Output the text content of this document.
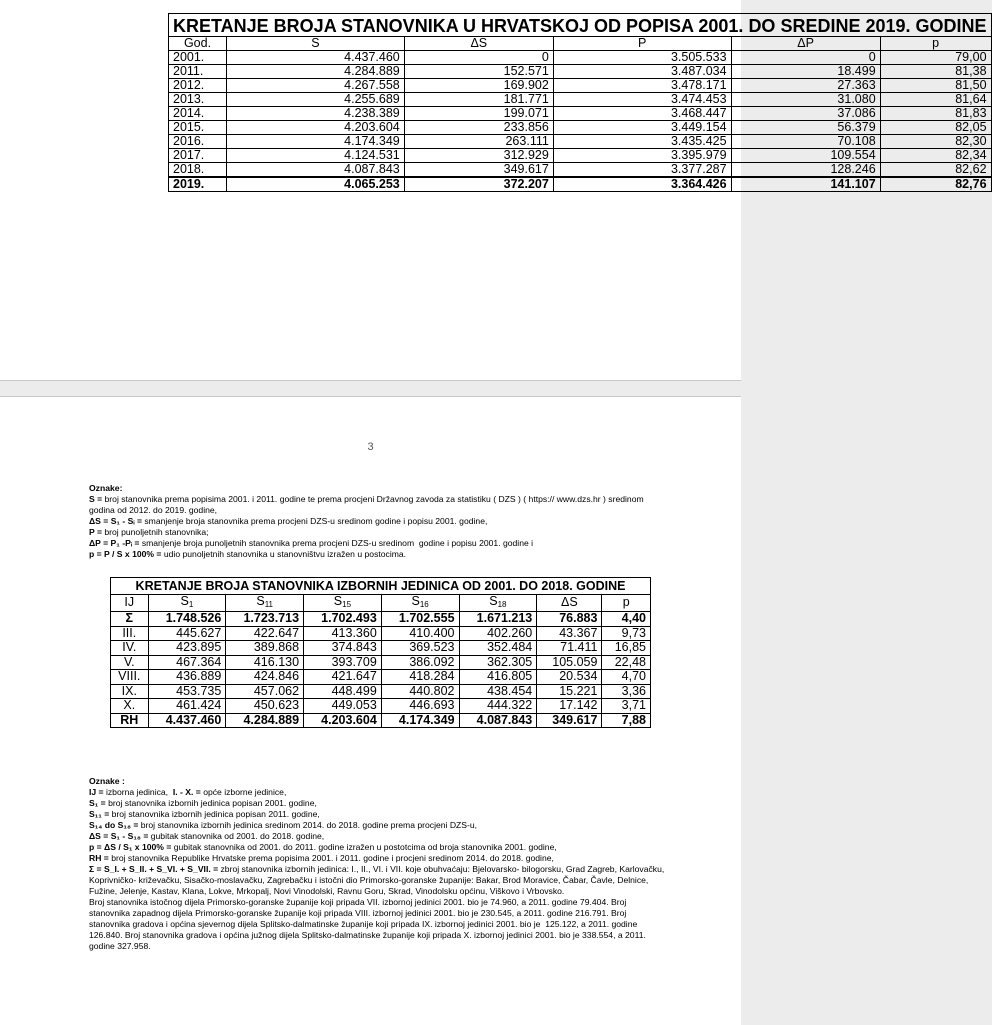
KRETANJE BROJA STANOVNIKA U HRVATSKOJ OD POPISA 2001. DO SREDINE 2019. GODINE					
God.	S	ΔS	P	ΔP	p
2001.	4.437.460	0	3.505.533	0	79,00
2011.	4.284.889	152.571	3.487.034	18.499	81,38
2012.	4.267.558	169.902	3.478.171	27.363	81,50
2013.	4.255.689	181.771	3.474.453	31.080	81,64
2014.	4.238.389	199.071	3.468.447	37.086	81,83
2015.	4.203.604	233.856	3.449.154	56.379	82,05
2016.	4.174.349	263.111	3.435.425	70.108	82,30
2017.	4.124.531	312.929	3.395.979	109.554	82,34
2018.	4.087.843	349.617	3.377.287	128.246	82,62
2019.	4.065.253	372.207	3.364.426	141.107	82,76
3
Oznake:
S = broj stanovnika prema popisima 2001. i 2011. godine te prema procjeni Državnog zavoda za statistiku ( DZS ) ( https:// www.dzs.hr ) sredinom godina od 2012. do 2019. godine,
ΔS = S₁ - Sᵢ = smanjenje broja stanovnika prema procjeni DZS-u sredinom godine i popisu 2001. godine,
P = broj punoljetnih stanovnika;
ΔP = P₁ -Pᵢ = smanjenje broja punoljetnih stanovnika prema procjeni DZS-u sredinom  godine i popisu 2001. godine i
p = P / S x 100% = udio punoljetnih stanovnika u stanovništvu izražen u postocima.
KRETANJE BROJA STANOVNIKA IZBORNIH JEDINICA OD 2001. DO 2018. GODINE							
IJ	$S_1$	$S_{11}$	$S_{15}$	$S_{16}$	$S_{18}$	ΔS	p
Σ	1.748.526	1.723.713	1.702.493	1.702.555	1.671.213	76.883	4,40
III.	445.627	422.647	413.360	410.400	402.260	43.367	9,73
IV.	423.895	389.868	374.843	369.523	352.484	71.411	16,85
V.	467.364	416.130	393.709	386.092	362.305	105.059	22,48
VIII.	436.889	424.846	421.647	418.284	416.805	20.534	4,70
IX.	453.735	457.062	448.499	440.802	438.454	15.221	3,36
X.	461.424	450.623	449.053	446.693	444.322	17.142	3,71
RH	4.437.460	4.284.889	4.203.604	4.174.349	4.087.843	349.617	7,88
Oznake :
IJ = izborna jedinica,  I. - X. = opće izborne jedinice,
S₁ = broj stanovnika izbornih jedinica popisan 2001. godine,
S₁₁ = broj stanovnika izbornih jedinica popisan 2011. godine,
S₁₄ do S₁₈ = broj stanovnika izbornih jedinica sredinom 2014. do 2018. godine prema procjeni DZS-u,
ΔS = S₁ - S₁₈ = gubitak stanovnika od 2001. do 2018. godine,
p = ΔS / S₁ x 100% = gubitak stanovnika od 2001. do 2011. godine izražen u postotcima od broja stanovnika 2001. godine,
RH = broj stanovnika Republike Hrvatske prema popisima 2001. i 2011. godine i procjeni sredinom 2014. do 2018. godine,
Σ = S_I. + S_II. + S_VI. + S_VII. = zbroj stanovnika izbornih jedinica: I., II., VI. i VII. koje obuhvaćaju: Bjelovarsko- bilogorsku, Grad Zagreb, Karlovačku, Koprivničko- križevačku, Sisačko-moslavačku, Zagrebačku i istočni dio Primorsko-goranske županije: Bakar, Brod Moravice, Čabar, Čavle, Delnice, Fužine, Jelenje, Kastav, Klana, Lokve, Mrkopalj, Novi Vinodolski, Ravnu Goru, Skrad, Vinodolsku općinu, Viškovo i Vrbovsko.
Broj stanovnika istočnog dijela Primorsko-goranske županije koji pripada VII. izbornoj jedinici 2001. bio je 74.960, a 2011. godine 79.404. Broj stanovnika zapadnog dijela Primorsko-goranske županije koji pripada VIII. izbornoj jedinici 2001. bio je 230.545, a 2011. godine 216.791. Broj stanovnika gradova i općina sjevernog dijela Splitsko-dalmatinske županije koji pripada IX. izbornoj jedinici 2001. bio je  125.122, a 2011. godine  126.840. Broj stanovnika gradova i općina južnog dijela Splitsko-dalmatinske županije koji pripada X. izbornoj jedinici 2001. bio je 338.554, a 2011. godine 327.958.
